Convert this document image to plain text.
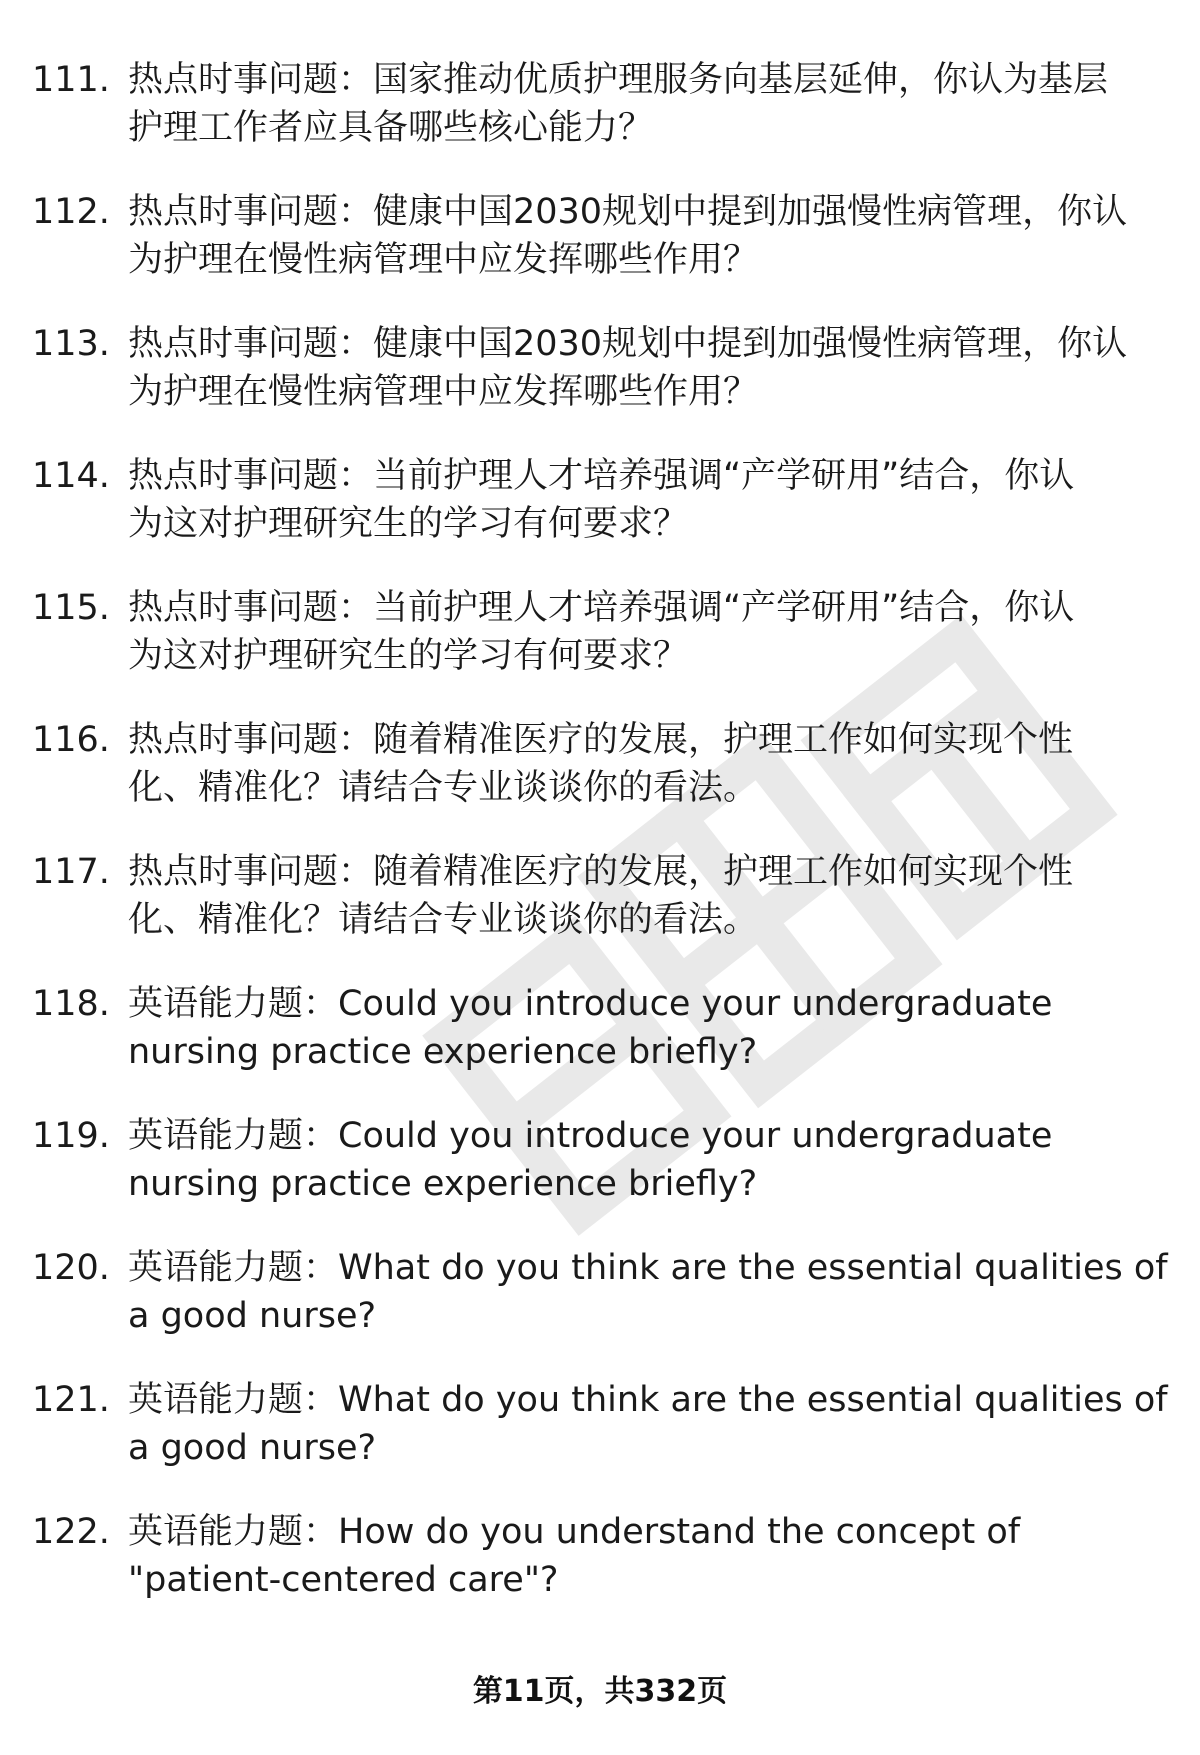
111. 热点时事问题：国家推动优质护理服务向基层延伸，你认为基层
护理工作者应具备哪些核心能力？
112. 热点时事问题：健康中国2030规划中提到加强慢性病管理，你认
为护理在慢性病管理中应发挥哪些作用？
113. 热点时事问题：健康中国2030规划中提到加强慢性病管理，你认
为护理在慢性病管理中应发挥哪些作用？
114. 热点时事问题：当前护理人才培养强调“产学研用”结合，你认
为这对护理研究生的学习有何要求？
115. 热点时事问题：当前护理人才培养强调“产学研用”结合，你认
为这对护理研究生的学习有何要求？
116. 热点时事问题：随着精准医疗的发展，护理工作如何实现个性
化、精准化？请结合专业谈谈你的看法。
117. 热点时事问题：随着精准医疗的发展，护理工作如何实现个性
化、精准化？请结合专业谈谈你的看法。
118. 英语能力题：Could you introduce your undergraduate
nursing practice experience briefly?
119. 英语能力题：Could you introduce your undergraduate
nursing practice experience briefly?
120. 英语能力题：What do you think are the essential qualities of
a good nurse?
121. 英语能力题：What do you think are the essential qualities of
a good nurse?
122. 英语能力题：How do you understand the concept of
"patient-centered care"?
第11页，共332页
